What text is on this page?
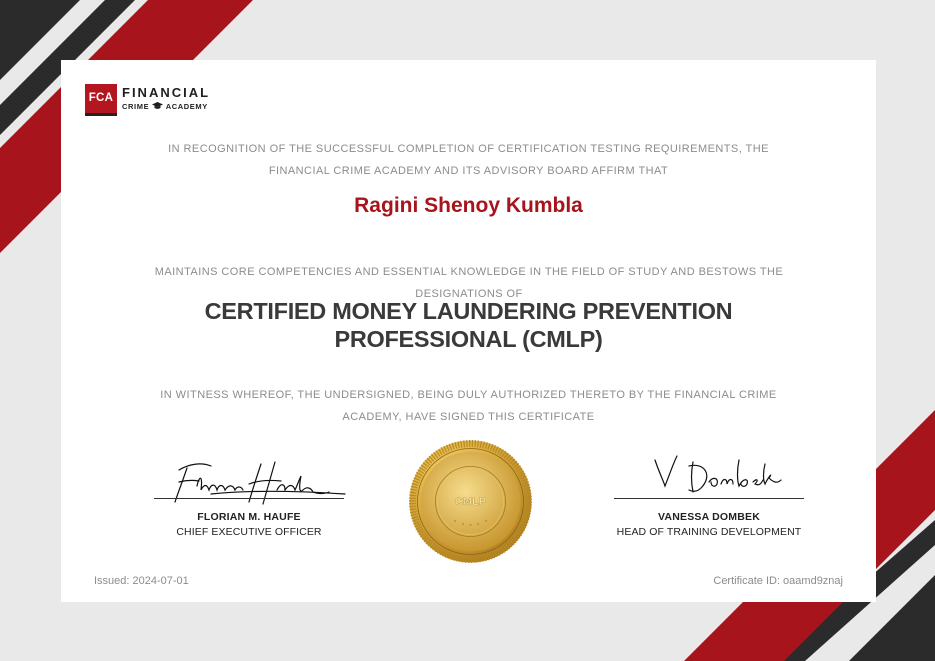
FCA FINANCIAL
CRIME ACADEMY
IN RECOGNITION OF THE SUCCESSFUL COMPLETION OF CERTIFICATION TESTING REQUIREMENTS, THE FINANCIAL CRIME ACADEMY AND ITS ADVISORY BOARD AFFIRM THAT
Ragini Shenoy Kumbla
MAINTAINS CORE COMPETENCIES AND ESSENTIAL KNOWLEDGE IN THE FIELD OF STUDY AND BESTOWS THE DESIGNATIONS OF
CERTIFIED MONEY LAUNDERING PREVENTION PROFESSIONAL (CMLP)
IN WITNESS WHEREOF, THE UNDERSIGNED, BEING DULY AUTHORIZED THERETO BY THE FINANCIAL CRIME ACADEMY, HAVE SIGNED THIS CERTIFICATE
FLORIAN M. HAUFE
CHIEF EXECUTIVE OFFICER
CMLP
VANESSA DOMBEK
HEAD OF TRAINING DEVELOPMENT
Issued: 2024-07-01	Certificate ID: oaamd9znaj
